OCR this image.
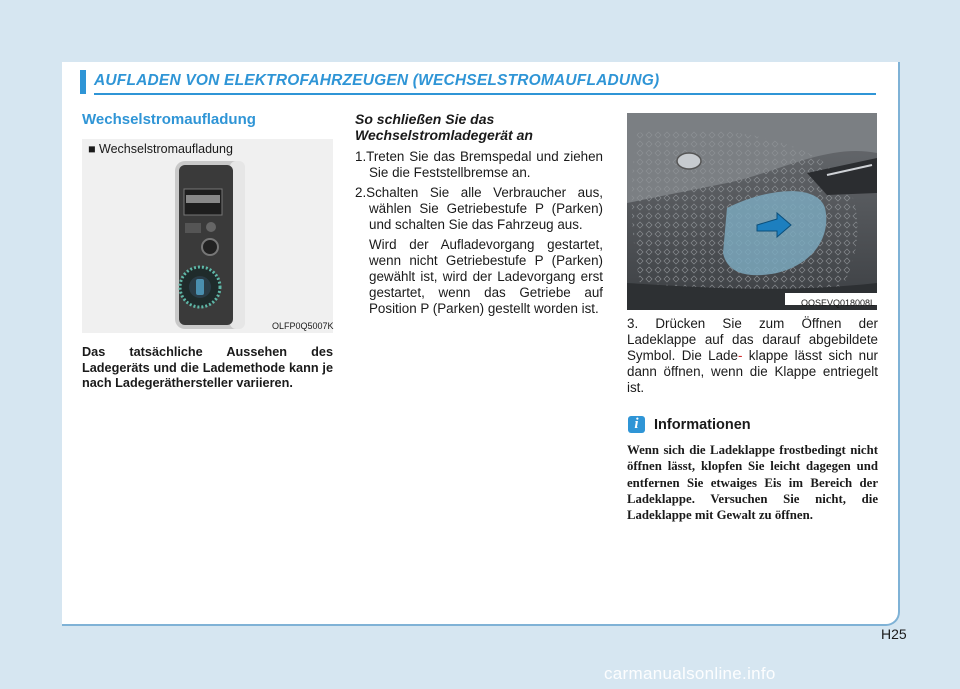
AUFLADEN VON ELEKTROFAHRZEUGEN (WECHSELSTROMAUFLADUNG)
Wechselstromaufladung
■ Wechselstromaufladung
OLFP0Q5007K
Das tatsächliche Aussehen des Ladegeräts und die Lademethode kann je nach Ladegeräthersteller variieren.
So schließen Sie das Wechselstromladegerät an
1.Treten Sie das Bremspedal und ziehen Sie die Feststellbremse an.
2.Schalten Sie alle Verbraucher aus, wählen Sie Getriebestufe P (Parken) und schalten Sie das Fahrzeug aus.
Wird der Aufladevorgang gestartet, wenn nicht Getriebestufe P (Parken) gewählt ist, wird der Ladevorgang erst gestartet, wenn das Getriebe auf Position P (Parken) gestellt worden ist.	OOSEVQ018008L
3. Drücken Sie zum Öffnen der Ladeklappe auf das darauf abgebildete Symbol. Die Lade- klappe lässt sich nur dann öffnen, wenn die Klappe entriegelt ist.
i	Informationen
Wenn sich die Ladeklappe frostbedingt nicht öffnen lässt, klopfen Sie leicht dagegen und entfernen Sie etwaiges Eis im Bereich der Ladeklappe. Versuchen Sie nicht, die Ladeklappe mit Gewalt zu öffnen.
H25
carmanualsonline.info
